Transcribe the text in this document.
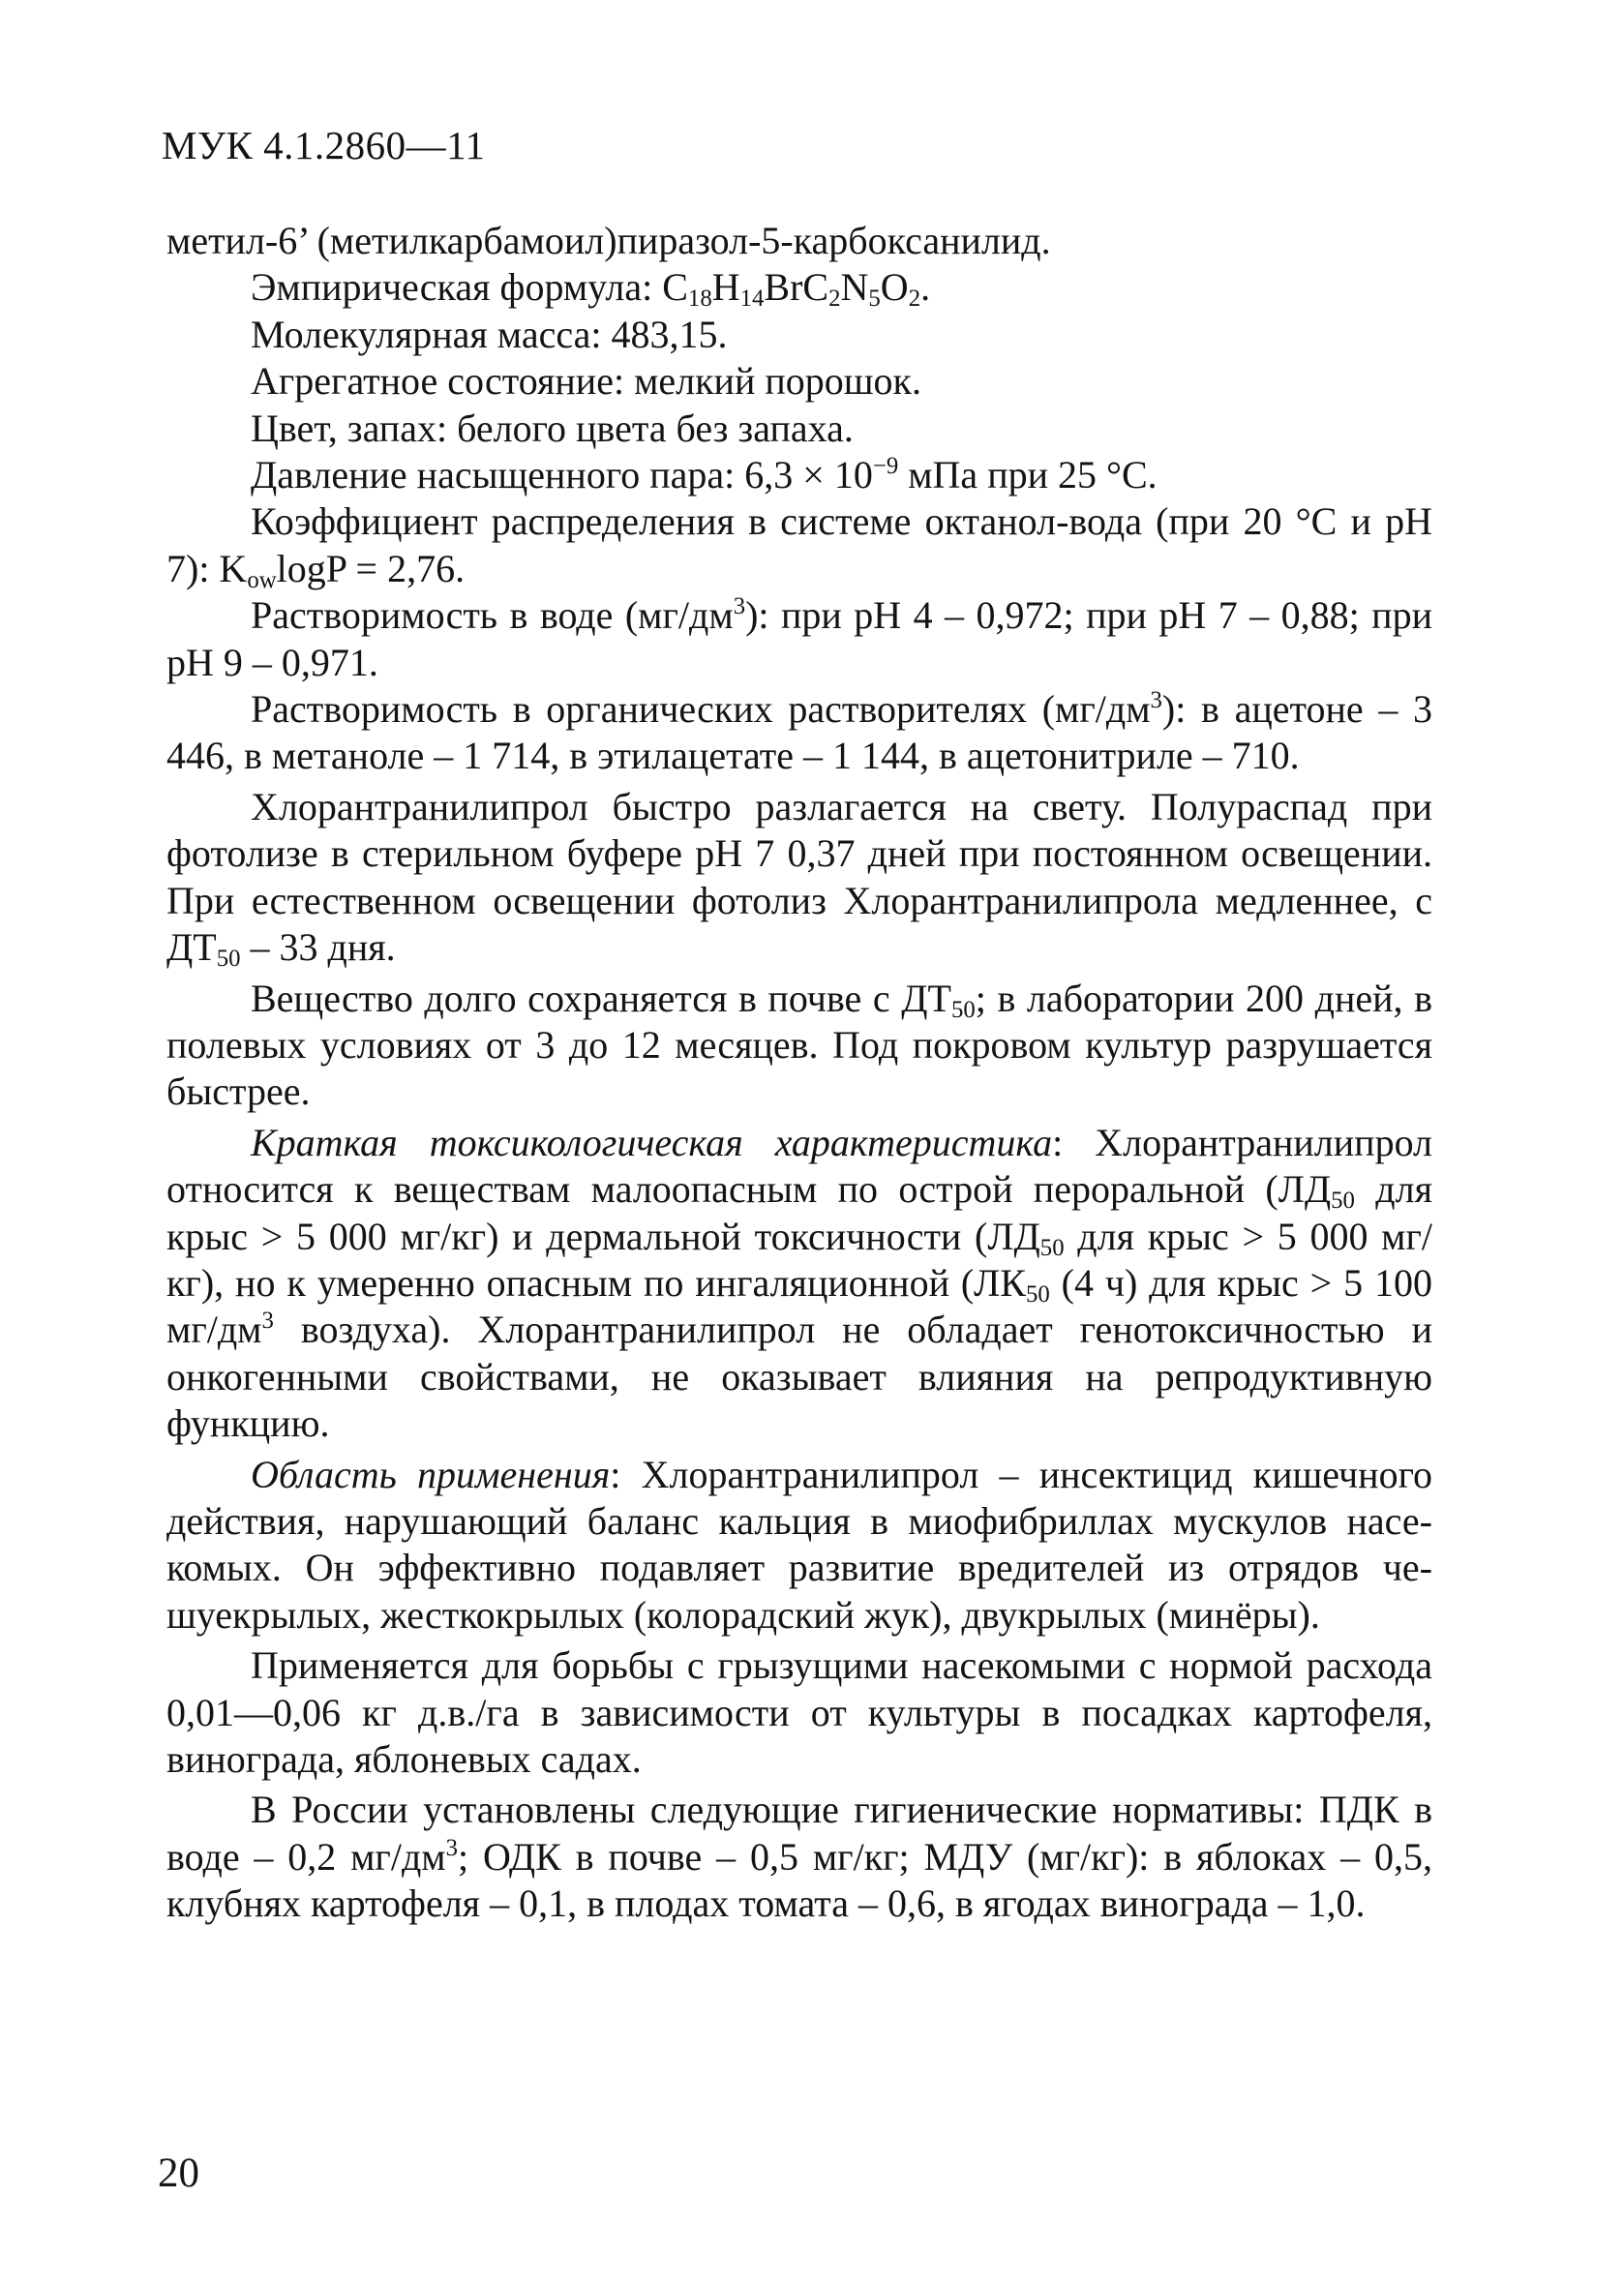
МУК 4.1.2860—11

метил-6’ (метилкарбамоил)пиразол-5-карбоксанилид.

Эмпирическая формула: $C_{18}H_{14}BrC_2N_5O_2$.

Молекулярная масса: 483,15.

Агрегатное состояние: мелкий порошок.

Цвет, запах: белого цвета без запаха.

Давление насыщенного пара: $6,3 \times 10^{-9}$ мПа при 25 °C.

Коэффициент распределения в системе октанол-вода (при 20 °C и pH 7): $K_{ow}\log P = 2,76$.

Растворимость в воде $(мг/дм^3)$: при pH 4 – 0,972; при pH 7 – 0,88; при pH 9 – 0,971.

Растворимость в органических растворителях $(мг/дм^3)$: в ацетоне – 3 446, в метаноле – 1 714, в этилацетате – 1 144, в ацетонитриле – 710.

Хлорантранилипрол быстро разлагается на свету. Полураспад при фотолизе в стерильном буфере pH 7 0,37 дней при постоянном освещении. При естественном освещении фотолиз Хлорантранилипрола медленнее, с $ДТ_{50} - 33$ дня.

Вещество долго сохраняется в почве с $ДТ_{50}$; в лаборатории 200 дней, в полевых условиях от 3 до 12 месяцев. Под покровом культур разрушается быстрее.

Краткая токсикологическая характеристика: Хлорантранилипрол относится к веществам малоопасным по острой пероральной ($ЛД_{50}$ для крыс > 5 000 мг/кг) и дермальной токсичности ($ЛД_{50}$ для крыс > 5 000 мг/кг), но к умеренно опасным по ингаляционной ($ЛК_{50}$ (4 ч) для крыс > 5 100 $мг/дм^3$ воздуха). Хлорантранилипрол не обладает генотоксичностью и онкогенными свойствами, не оказывает влияния на репродуктивную функцию.

Область применения: Хлорантранилипрол – инсектицид кишечного действия, нарушающий баланс кальция в миофибриллах мускулов насекомых. Он эффективно подавляет развитие вредителей из отрядов чешуекрылых, жесткокрылых (колорадский жук), двукрылых (минёры).

Применяется для борьбы с грызущими насекомыми с нормой расхода 0,01—0,06 кг д.в./га в зависимости от культуры в посадках картофеля, винограда, яблоневых садах.

В России установлены следующие гигиенические нормативы: ПДК в воде – 0,2 $мг/дм^3$; ОДК в почве – 0,5 мг/кг; МДУ (мг/кг): в яблоках – 0,5, клубнях картофеля – 0,1, в плодах томата – 0,6, в ягодах винограда – 1,0.

20
